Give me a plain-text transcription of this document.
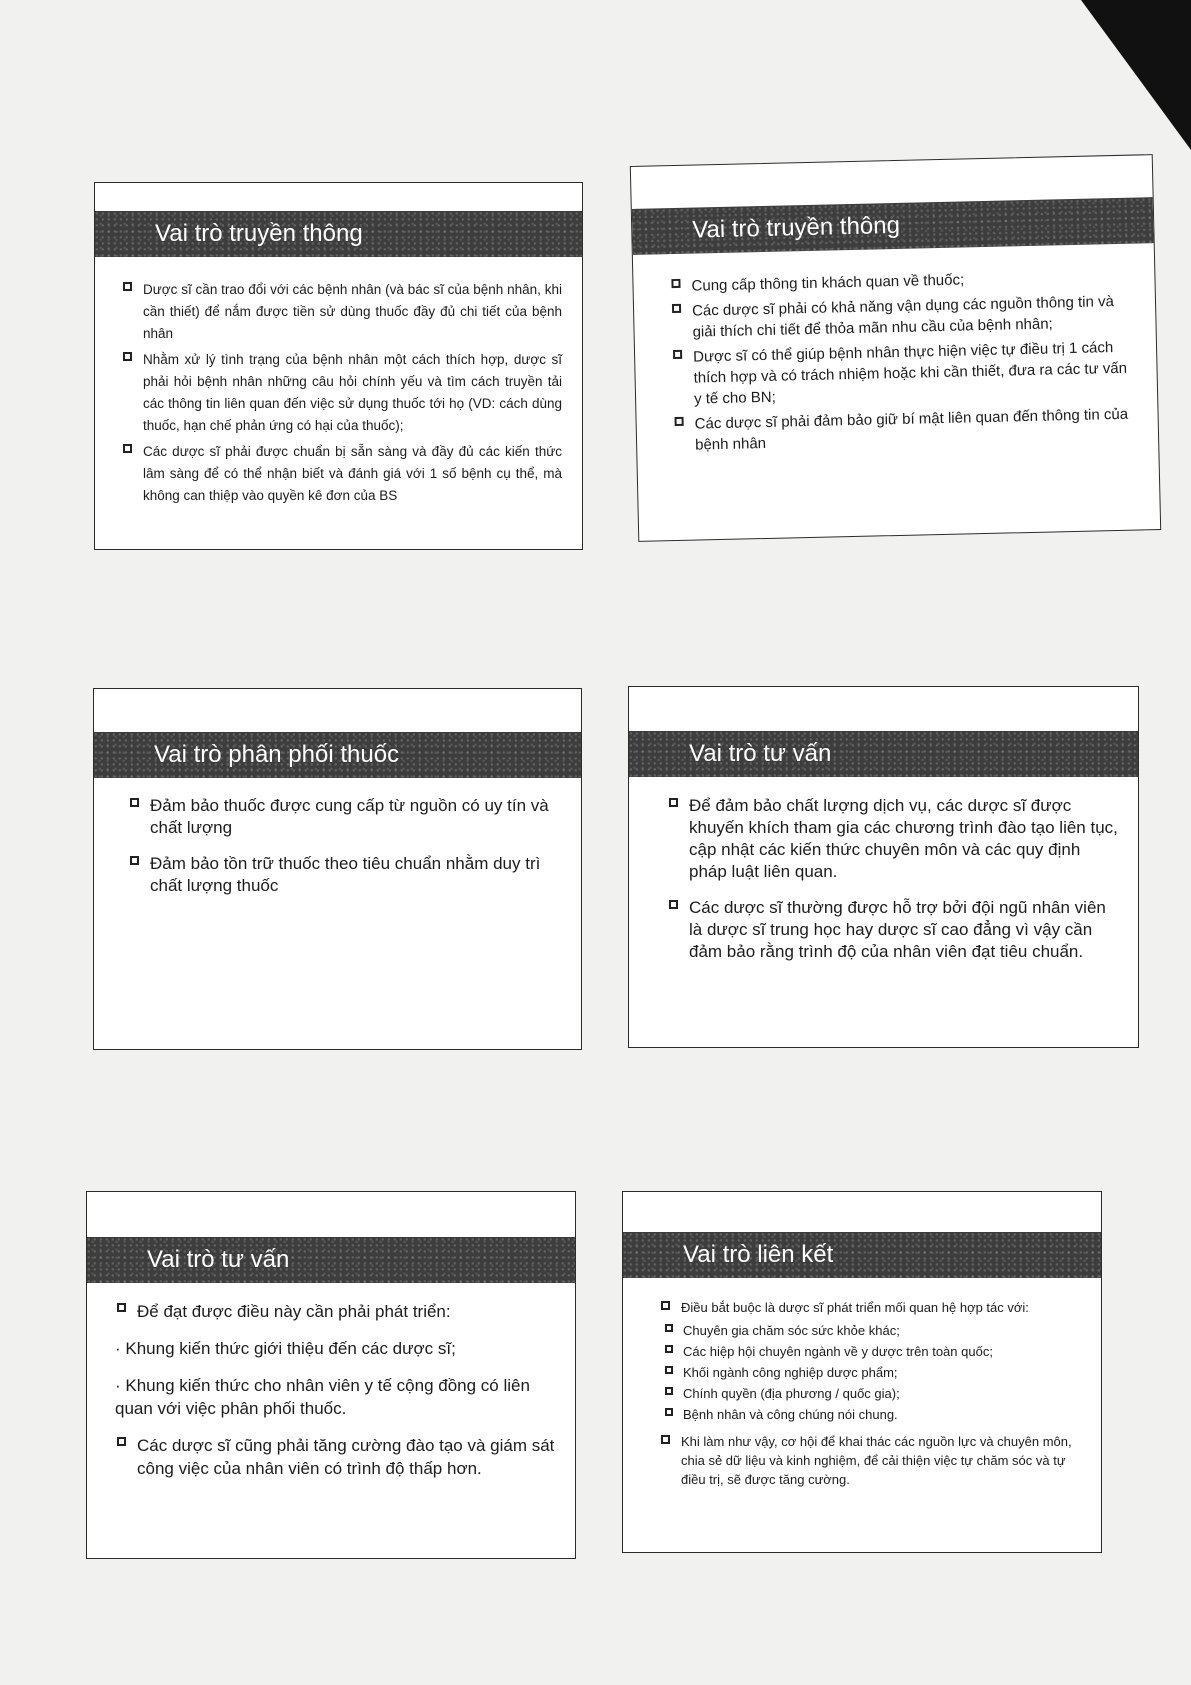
Vai trò truyền thông
Dược sĩ cần trao đổi với các bệnh nhân (và bác sĩ của bệnh nhân, khi cần thiết) để nắm được tiền sử dùng thuốc đầy đủ chi tiết của bệnh nhân
Nhằm xử lý tình trạng của bệnh nhân một cách thích hợp, dược sĩ phải hỏi bệnh nhân những câu hỏi chính yếu và tìm cách truyền tải các thông tin liên quan đến việc sử dụng thuốc tới họ (VD: cách dùng thuốc, hạn chế phản ứng có hại của thuốc);
Các dược sĩ phải được chuẩn bị sẵn sàng và đầy đủ các kiến thức lâm sàng để có thể nhận biết và đánh giá với 1 số bệnh cụ thể, mà không can thiệp vào quyền kê đơn của BS
Vai trò truyền thông
Cung cấp thông tin khách quan về thuốc;
Các dược sĩ phải có khả năng vận dụng các nguồn thông tin và giải thích chi tiết để thỏa mãn nhu cầu của bệnh nhân;
Dược sĩ có thể giúp bệnh nhân thực hiện việc tự điều trị 1 cách thích hợp và có trách nhiệm hoặc khi cần thiết, đưa ra các tư vấn y tế cho BN;
Các dược sĩ phải đảm bảo giữ bí mật liên quan đến thông tin của bệnh nhân
Vai trò phân phối thuốc
Đảm bảo thuốc được cung cấp từ nguồn có uy tín và chất lượng
Đảm bảo tồn trữ thuốc theo tiêu chuẩn nhằm duy trì chất lượng thuốc
Vai trò tư vấn
Để đảm bảo chất lượng dịch vụ, các dược sĩ được khuyến khích tham gia các chương trình đào tạo liên tục, cập nhật các kiến thức chuyên môn và các quy định pháp luật liên quan.
Các dược sĩ thường được hỗ trợ bởi đội ngũ nhân viên là dược sĩ trung học hay dược sĩ cao đẳng vì vậy cần đảm bảo rằng trình độ của nhân viên đạt tiêu chuẩn.
Vai trò tư vấn
Để đạt được điều này cần phải phát triển:
· Khung kiến thức giới thiệu đến các dược sĩ;
· Khung kiến thức cho nhân viên y tế cộng đồng có liên quan với việc phân phối thuốc.
Các dược sĩ cũng phải tăng cường đào tạo và giám sát công việc của nhân viên có trình độ thấp hơn.
Vai trò liên kết
Điều bắt buộc là dược sĩ phát triển mối quan hệ hợp tác với:
Chuyên gia chăm sóc sức khỏe khác;
Các hiệp hội chuyên ngành về y dược trên toàn quốc;
Khối ngành công nghiệp dược phẩm;
Chính quyền (địa phương / quốc gia);
Bệnh nhân và công chúng nói chung.
Khi làm như vậy, cơ hội để khai thác các nguồn lực và chuyên môn, chia sẻ dữ liệu và kinh nghiệm, để cải thiện việc tự chăm sóc và tự điều trị, sẽ được tăng cường.
